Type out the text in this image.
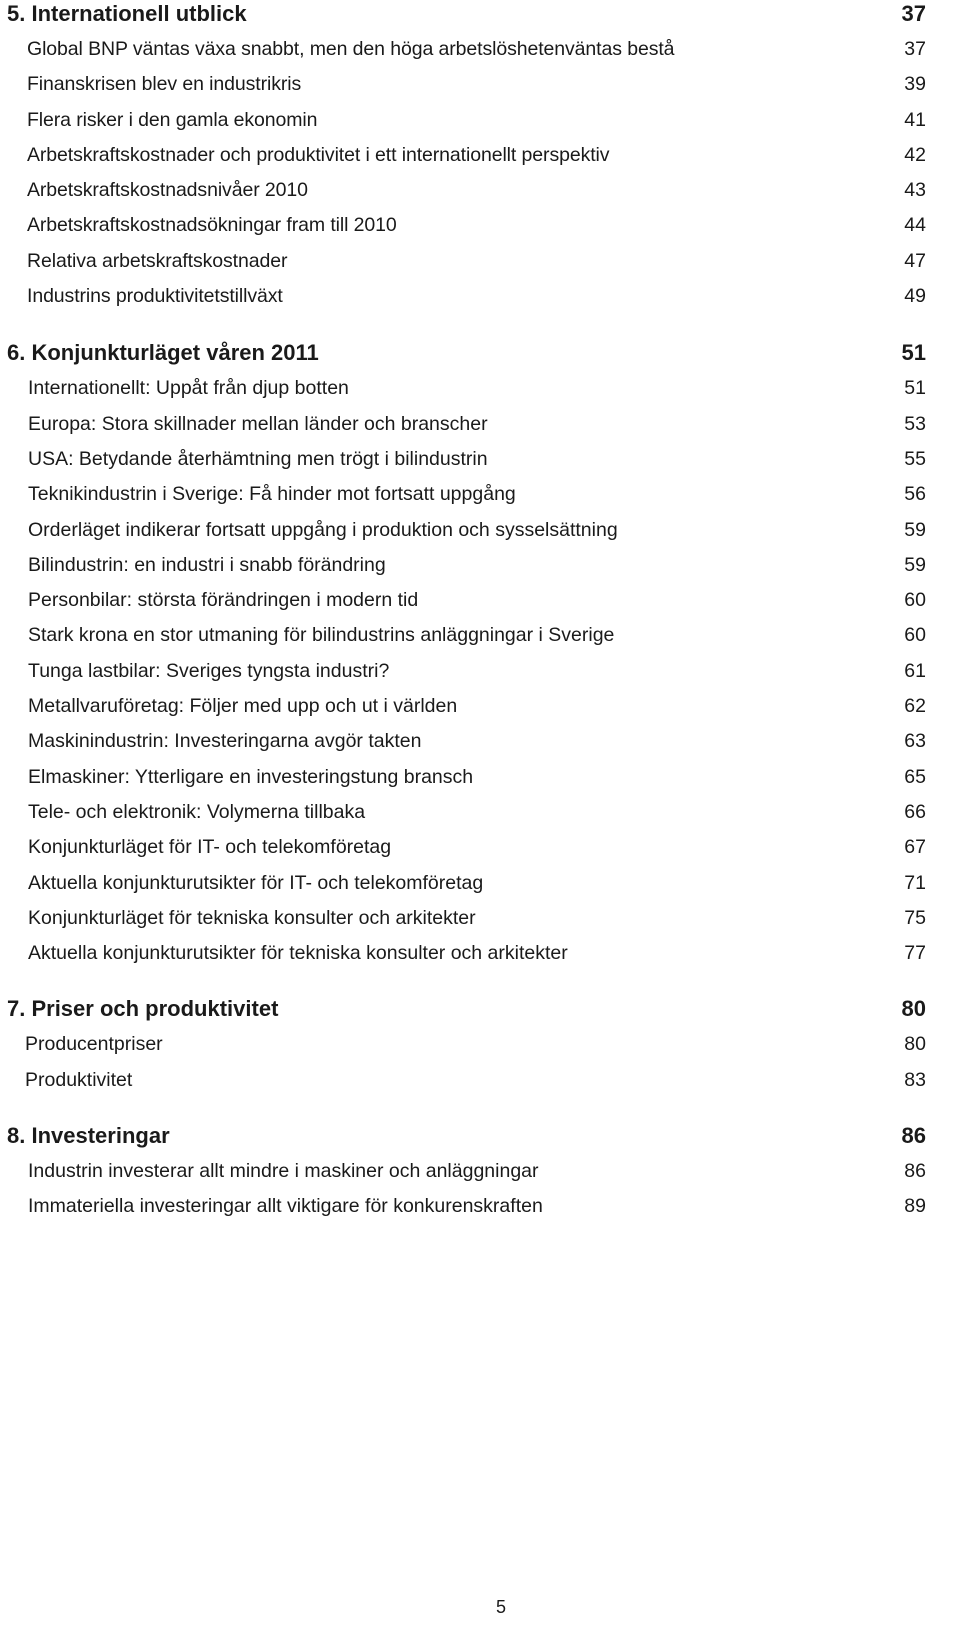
5. Internationell utblick	37
Global BNP väntas växa snabbt, men den höga arbetslöshetenväntas bestå	37
Finanskrisen blev en industrikris	39
Flera risker i den gamla ekonomin	41
Arbetskraftskostnader och produktivitet i ett internationellt perspektiv	42
Arbetskraftskostnadsnivåer 2010	43
Arbetskraftskostnadsökningar fram till 2010	44
Relativa arbetskraftskostnader	47
Industrins produktivitetstillväxt	49
6. Konjunkturläget våren 2011	51
Internationellt: Uppåt från djup botten	51
Europa: Stora skillnader mellan länder och branscher	53
USA: Betydande återhämtning men trögt i bilindustrin	55
Teknikindustrin i Sverige: Få hinder mot fortsatt uppgång	56
Orderläget indikerar fortsatt uppgång i produktion och sysselsättning	59
Bilindustrin: en industri i snabb förändring	59
Personbilar: största förändringen i modern tid	60
Stark krona en stor utmaning för bilindustrins anläggningar i Sverige	60
Tunga lastbilar: Sveriges tyngsta industri?	61
Metallvaruföretag: Följer med upp och ut i världen	62
Maskinindustrin: Investeringarna avgör takten	63
Elmaskiner: Ytterligare en investeringstung bransch	65
Tele- och elektronik: Volymerna tillbaka	66
Konjunkturläget för IT- och telekomföretag	67
Aktuella konjunkturutsikter för IT- och telekomföretag	71
Konjunkturläget för tekniska konsulter och arkitekter	75
Aktuella konjunkturutsikter för tekniska konsulter och arkitekter	77
7. Priser och produktivitet	80
Producentpriser	80
Produktivitet	83
8. Investeringar	86
Industrin investerar allt mindre i maskiner och anläggningar	86
Immateriella investeringar allt viktigare för konkurenskraften	89
5
